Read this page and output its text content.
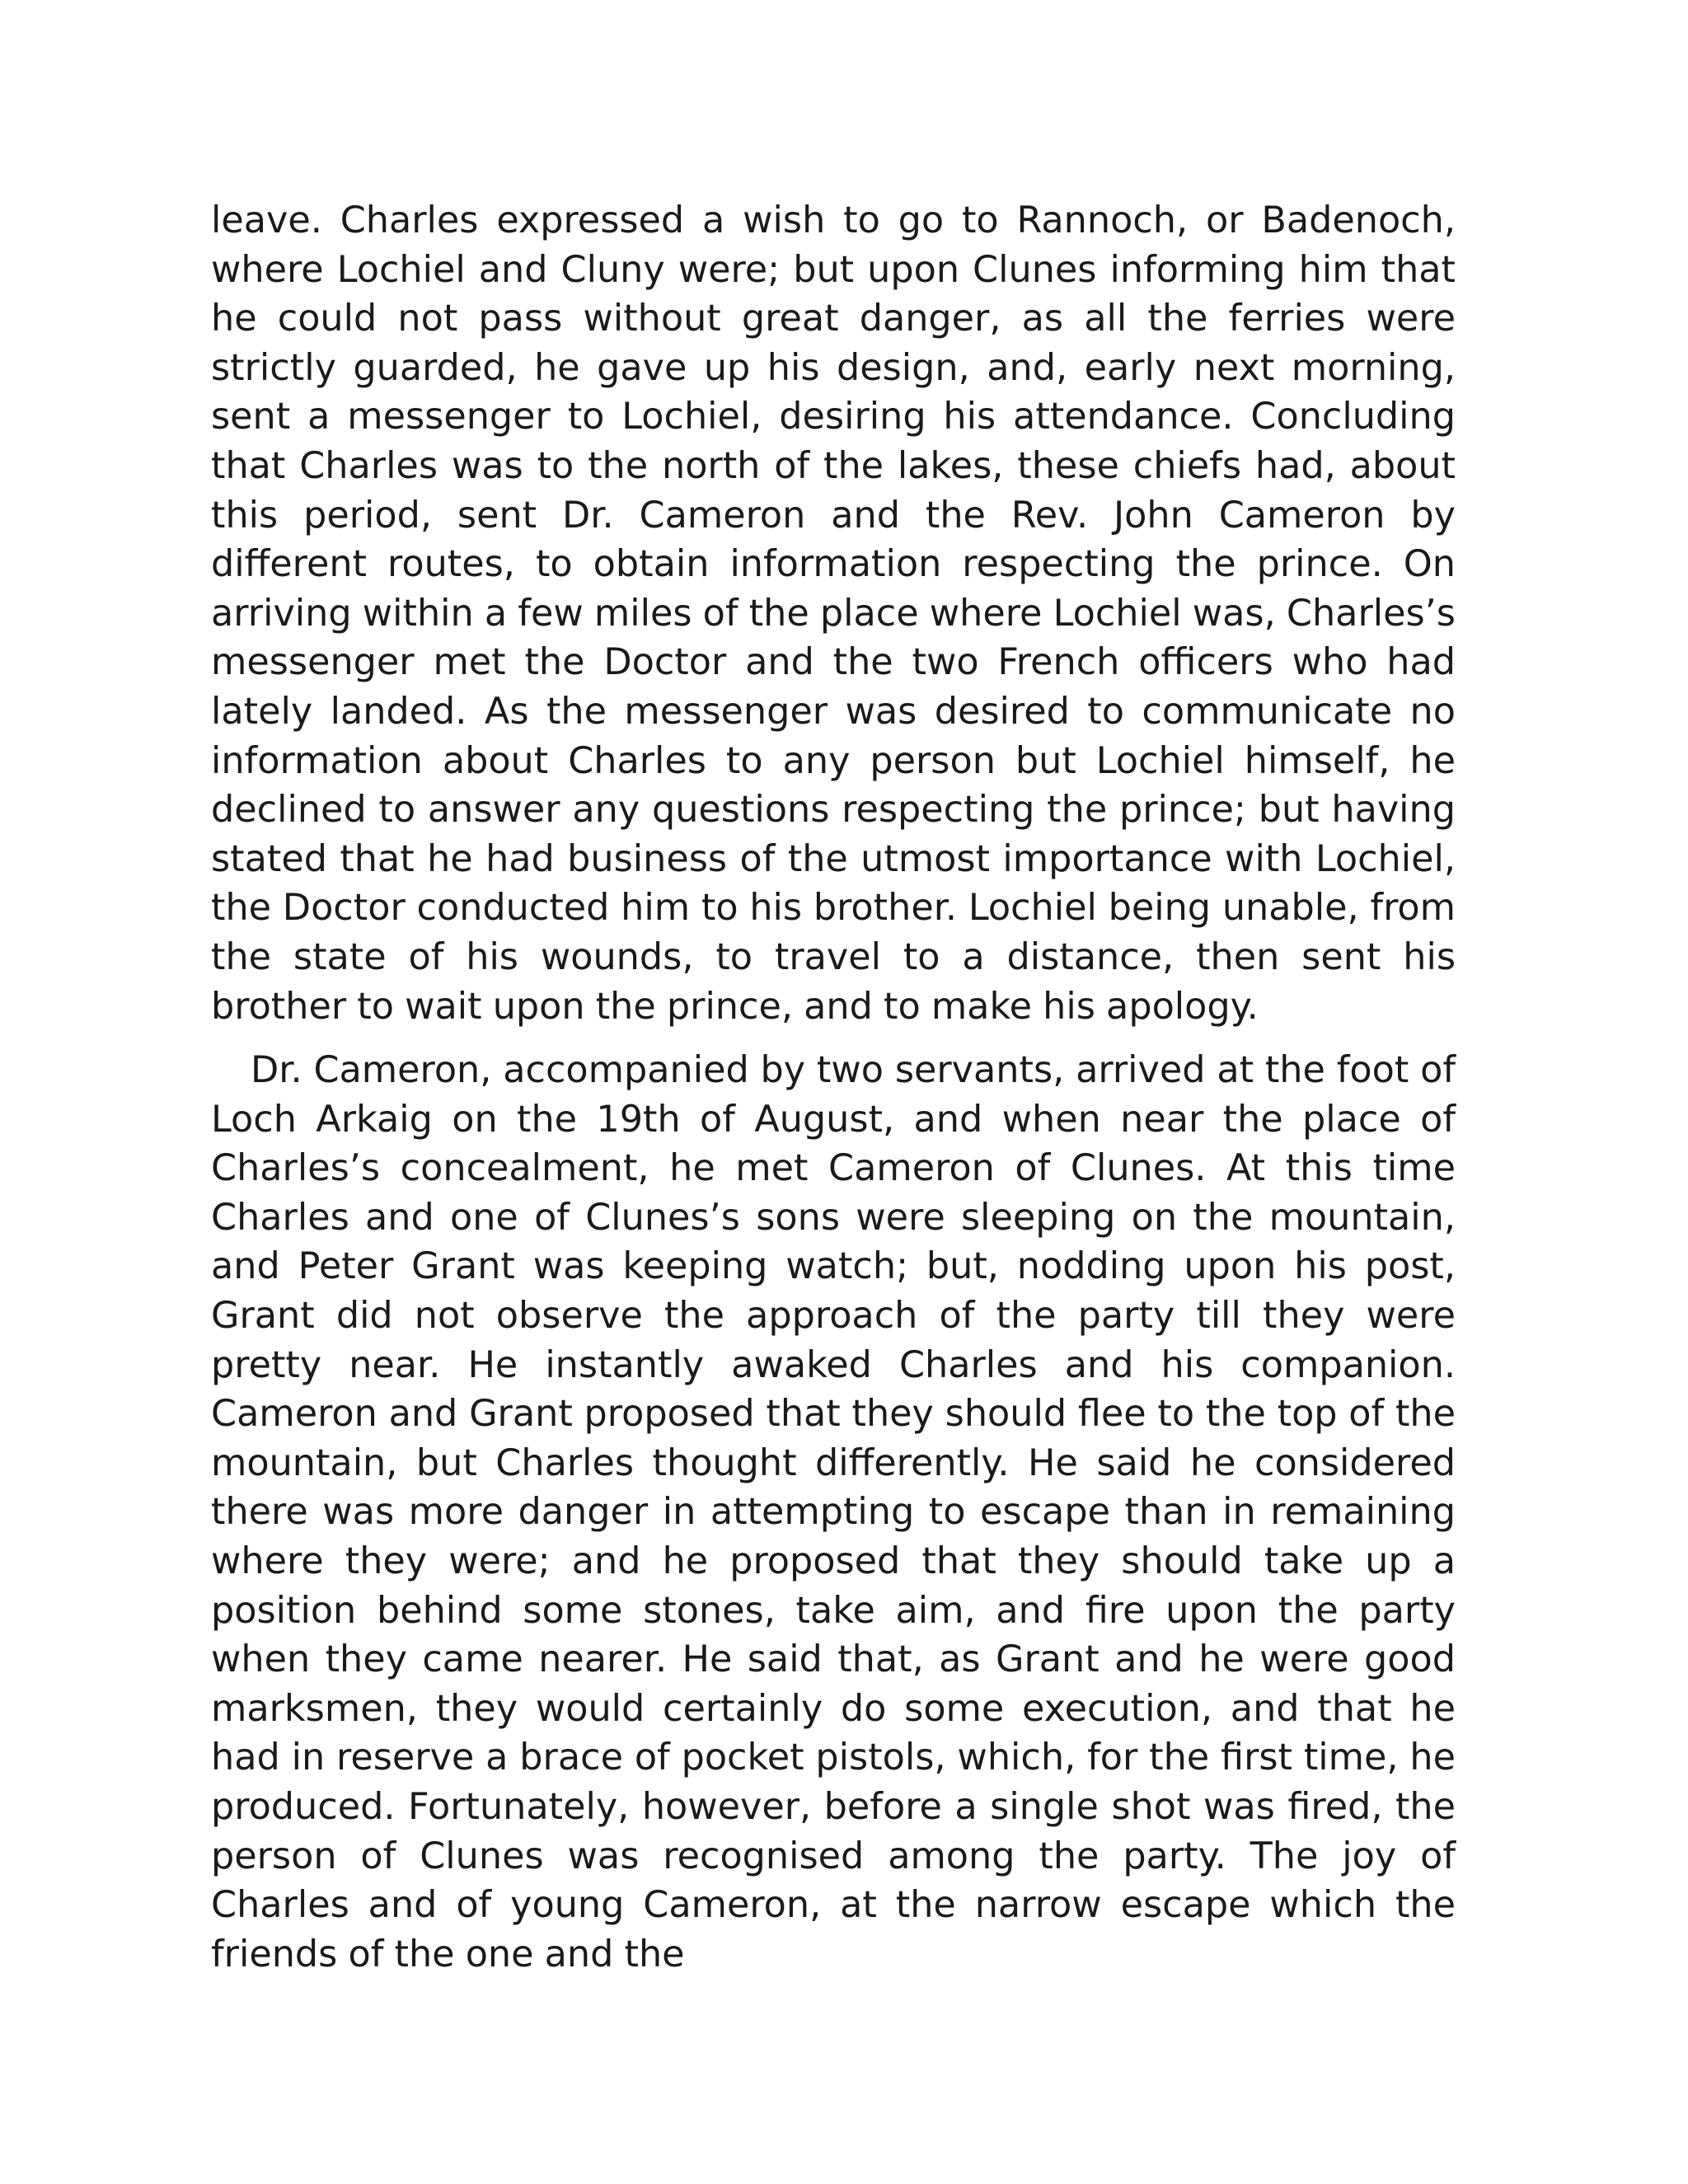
leave. Charles expressed a wish to go to Rannoch, or Badenoch, where Lochiel and Cluny were; but upon Clunes informing him that he could not pass without great danger, as all the ferries were strictly guarded, he gave up his design, and, early next morning, sent a messenger to Lochiel, desiring his attendance. Concluding that Charles was to the north of the lakes, these chiefs had, about this period, sent Dr. Cameron and the Rev. John Cameron by different routes, to obtain information respecting the prince. On arriving within a few miles of the place where Lochiel was, Charles’s messenger met the Doctor and the two French officers who had lately landed. As the messenger was desired to communicate no information about Charles to any person but Lochiel himself, he declined to answer any questions respecting the prince; but having stated that he had business of the utmost importance with Lochiel, the Doctor conducted him to his brother. Lochiel being unable, from the state of his wounds, to travel to a distance, then sent his brother to wait upon the prince, and to make his apology.

Dr. Cameron, accompanied by two servants, arrived at the foot of Loch Arkaig on the 19th of August, and when near the place of Charles’s concealment, he met Cameron of Clunes. At this time Charles and one of Clunes’s sons were sleeping on the mountain, and Peter Grant was keeping watch; but, nodding upon his post, Grant did not observe the approach of the party till they were pretty near. He instantly awaked Charles and his companion. Cameron and Grant proposed that they should flee to the top of the mountain, but Charles thought differently. He said he considered there was more danger in attempting to escape than in remaining where they were; and he proposed that they should take up a position behind some stones, take aim, and fire upon the party when they came nearer. He said that, as Grant and he were good marksmen, they would certainly do some execution, and that he had in reserve a brace of pocket pistols, which, for the first time, he produced. Fortunately, however, before a single shot was fired, the person of Clunes was recognised among the party. The joy of Charles and of young Cameron, at the narrow escape which the friends of the one and the
